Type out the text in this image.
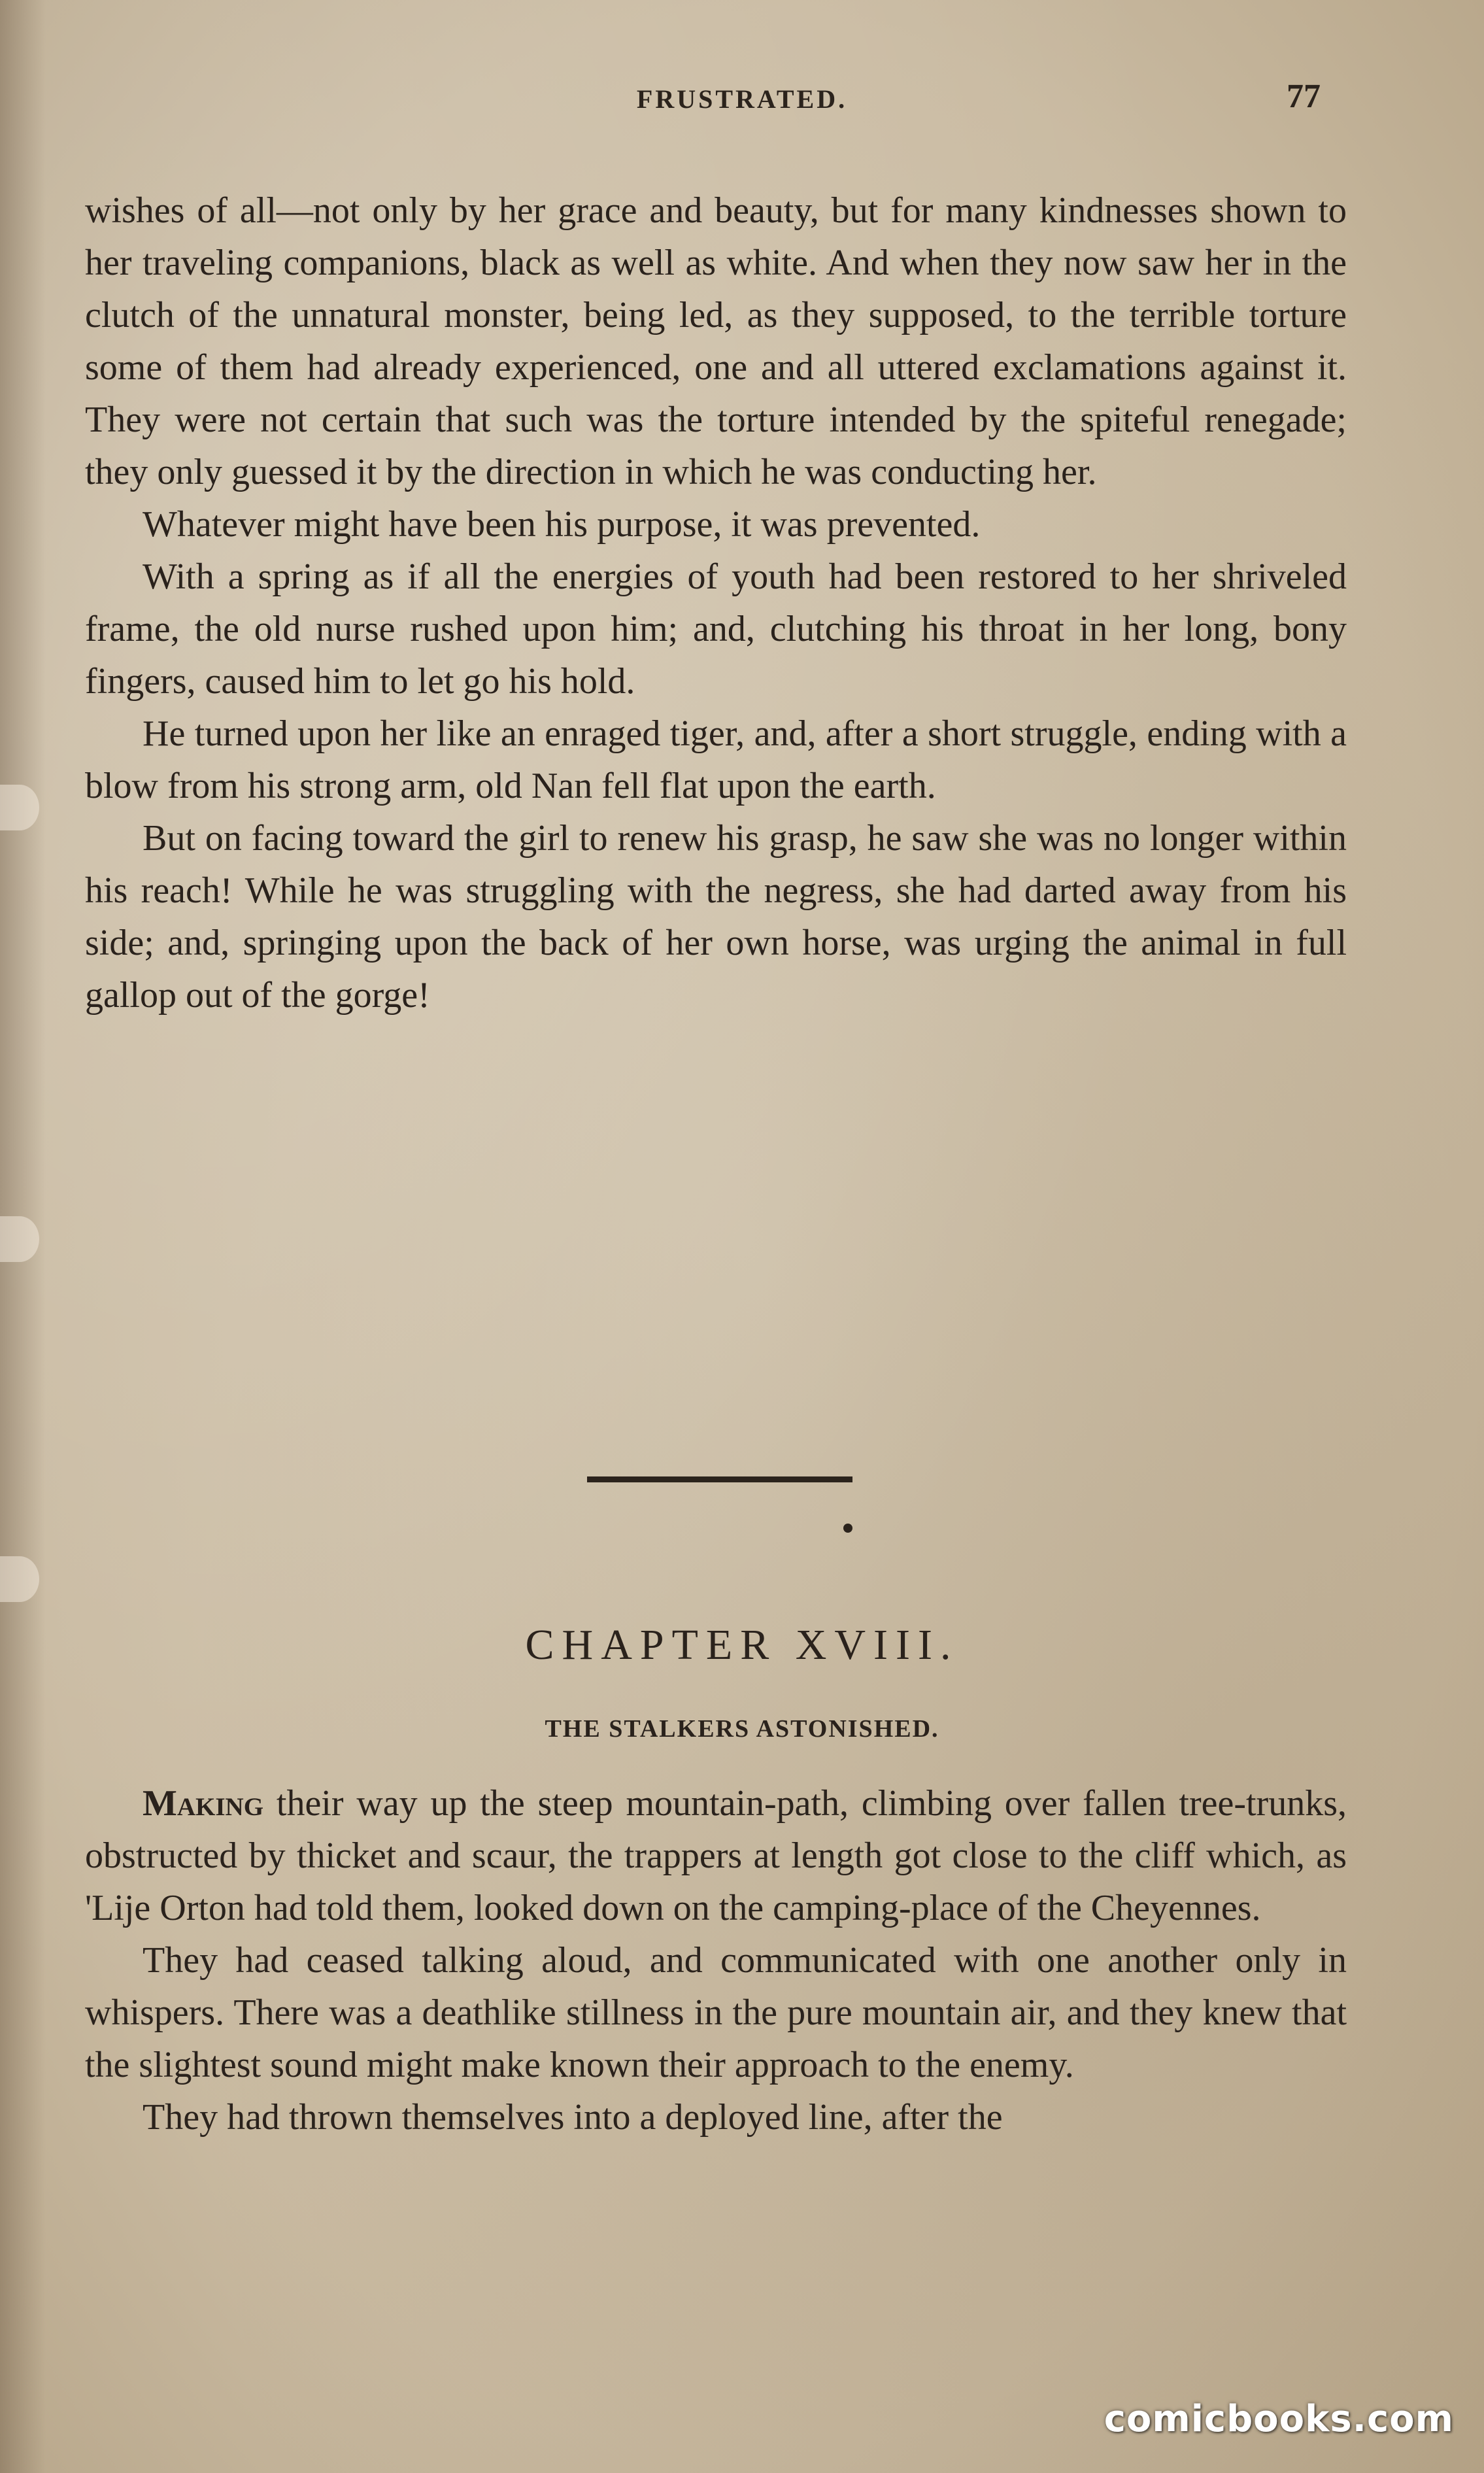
FRUSTRATED.	77

wishes of all—not only by her grace and beauty, but for many kindnesses shown to her traveling companions, black as well as white. And when they now saw her in the clutch of the unnatural monster, being led, as they supposed, to the terrible torture some of them had already experienced, one and all uttered exclamations against it. They were not certain that such was the torture intended by the spiteful renegade; they only guessed it by the direction in which he was conducting her.

Whatever might have been his purpose, it was prevented.

With a spring as if all the energies of youth had been restored to her shriveled frame, the old nurse rushed upon him; and, clutching his throat in her long, bony fingers, caused him to let go his hold.

He turned upon her like an enraged tiger, and, after a short struggle, ending with a blow from his strong arm, old Nan fell flat upon the earth.

But on facing toward the girl to renew his grasp, he saw she was no longer within his reach! While he was struggling with the negress, she had darted away from his side; and, springing upon the back of her own horse, was urging the animal in full gallop out of the gorge!

CHAPTER XVIII.
THE STALKERS ASTONISHED.

Making their way up the steep mountain-path, climbing over fallen tree-trunks, obstructed by thicket and scaur, the trappers at length got close to the cliff which, as 'Lije Orton had told them, looked down on the camping-place of the Cheyennes.

They had ceased talking aloud, and communicated with one another only in whispers. There was a deathlike stillness in the pure mountain air, and they knew that the slightest sound might make known their approach to the enemy.

They had thrown themselves into a deployed line, after the

comicbooks.com
